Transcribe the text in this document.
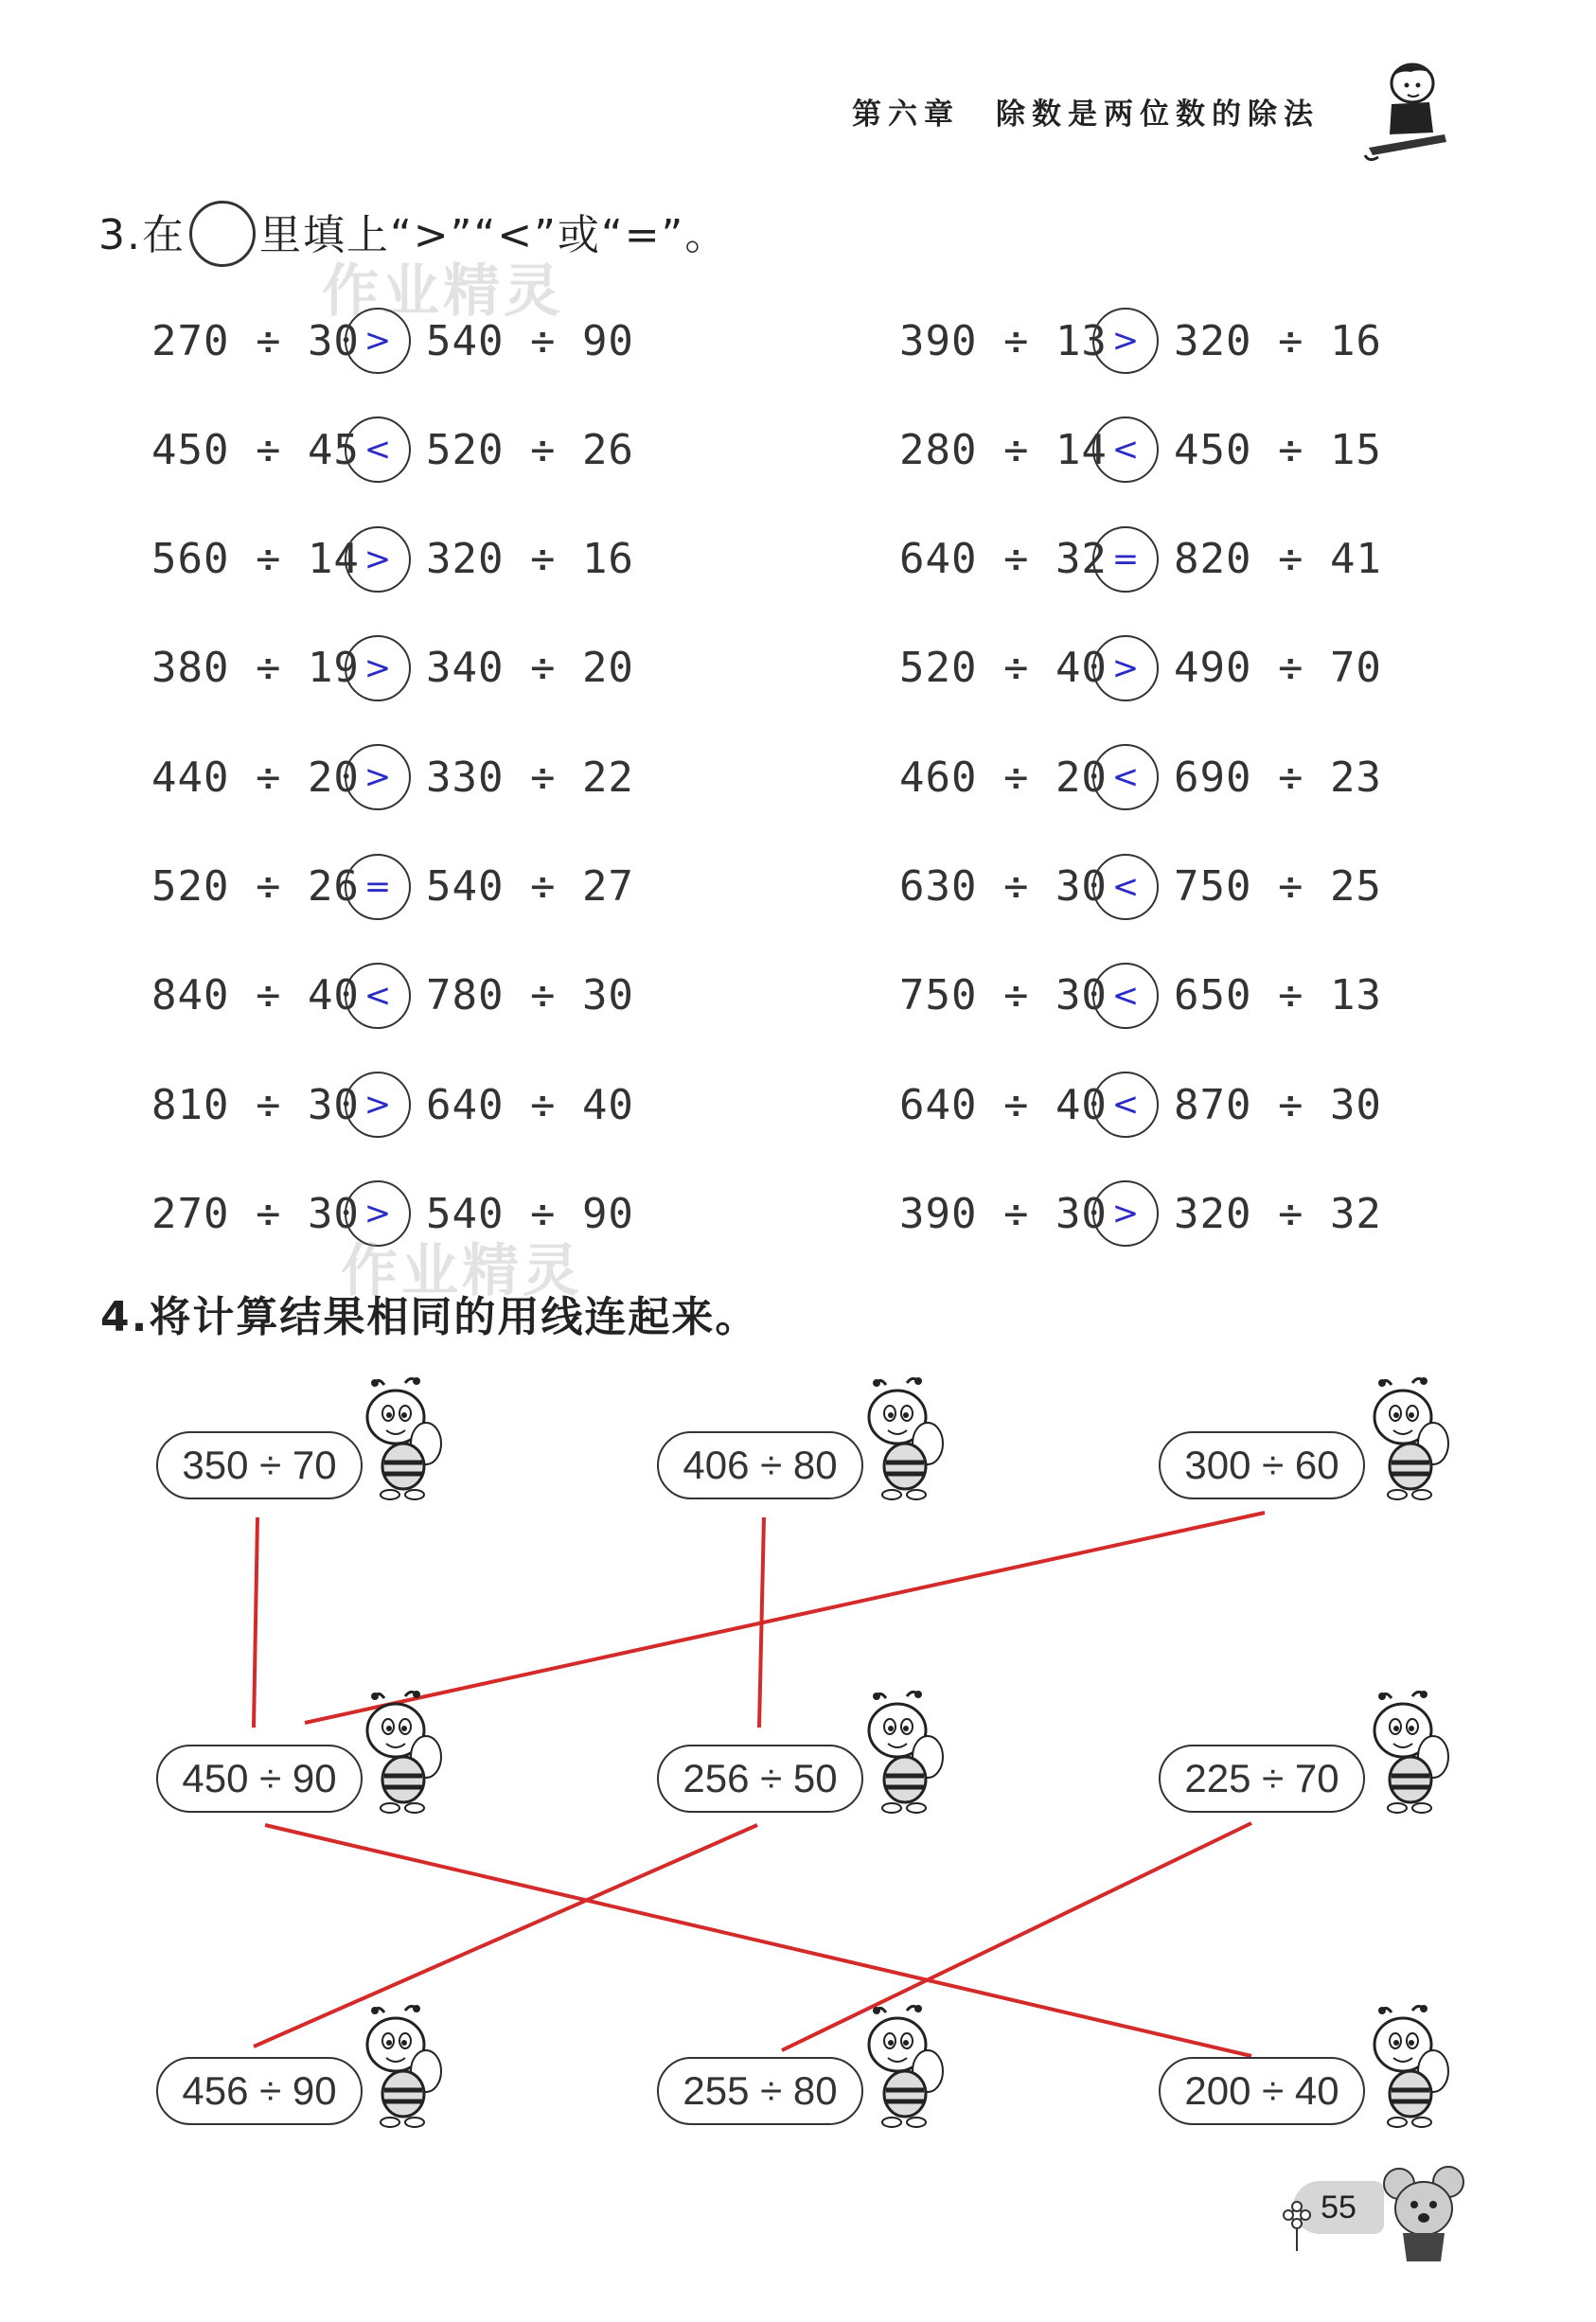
第六章 除数是两位数的除法
3.在 里填上“>”“<”或“=”。
作业精灵
270 ÷ 30 > 540 ÷ 90
450 ÷ 45 < 520 ÷ 26
560 ÷ 14 > 320 ÷ 16
380 ÷ 19 > 340 ÷ 20
440 ÷ 20 > 330 ÷ 22
520 ÷ 26 = 540 ÷ 27
840 ÷ 40 < 780 ÷ 30
810 ÷ 30 > 640 ÷ 40
270 ÷ 30 > 540 ÷ 90
390 ÷ 13 > 320 ÷ 16
280 ÷ 14 < 450 ÷ 15
640 ÷ 32 = 820 ÷ 41
520 ÷ 40 > 490 ÷ 70
460 ÷ 20 < 690 ÷ 23
630 ÷ 30 < 750 ÷ 25
750 ÷ 30 < 650 ÷ 13
640 ÷ 40 < 870 ÷ 30
390 ÷ 30 > 320 ÷ 32
作业精灵
4.将计算结果相同的用线连起来。
350 ÷ 70	406 ÷ 80	300 ÷ 60
450 ÷ 90	256 ÷ 50	225 ÷ 70
456 ÷ 90	255 ÷ 80	200 ÷ 40
55
